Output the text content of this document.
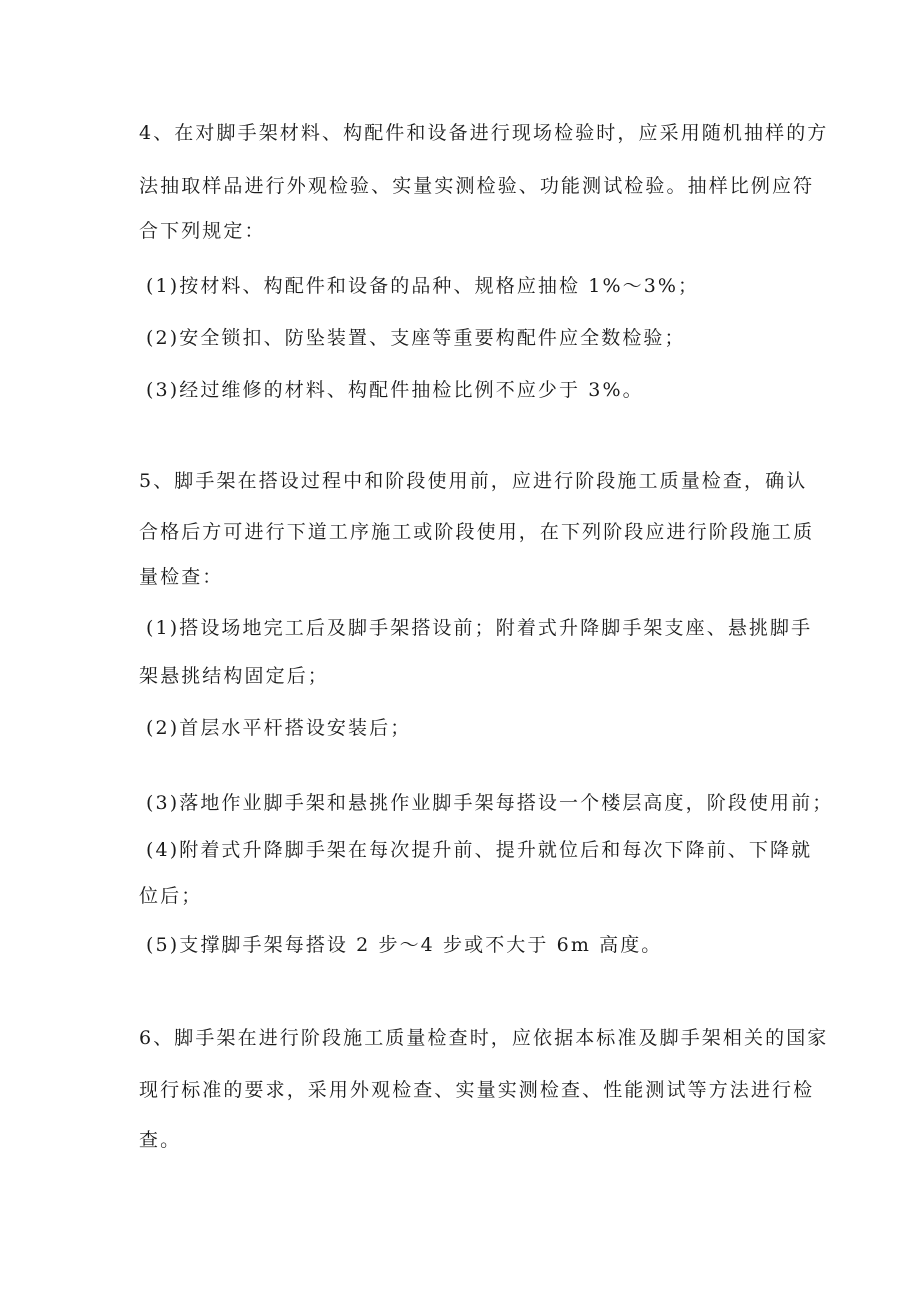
4、在对脚手架材料、构配件和设备进行现场检验时，应采用随机抽样的方
法抽取样品进行外观检验、实量实测检验、功能测试检验。抽样比例应符
合下列规定：
(1)按材料、构配件和设备的品种、规格应抽检 1%～3%；
(2)安全锁扣、防坠装置、支座等重要构配件应全数检验；
(3)经过维修的材料、构配件抽检比例不应少于 3%。
5、脚手架在搭设过程中和阶段使用前，应进行阶段施工质量检查，确认
合格后方可进行下道工序施工或阶段使用，在下列阶段应进行阶段施工质
量检查：
(1)搭设场地完工后及脚手架搭设前；附着式升降脚手架支座、悬挑脚手
架悬挑结构固定后；
(2)首层水平杆搭设安装后；
(3)落地作业脚手架和悬挑作业脚手架每搭设一个楼层高度，阶段使用前；
(4)附着式升降脚手架在每次提升前、提升就位后和每次下降前、下降就
位后；
(5)支撑脚手架每搭设 2 步～4 步或不大于 6m 高度。
6、脚手架在进行阶段施工质量检查时，应依据本标准及脚手架相关的国家
现行标准的要求，采用外观检查、实量实测检查、性能测试等方法进行检
查。
